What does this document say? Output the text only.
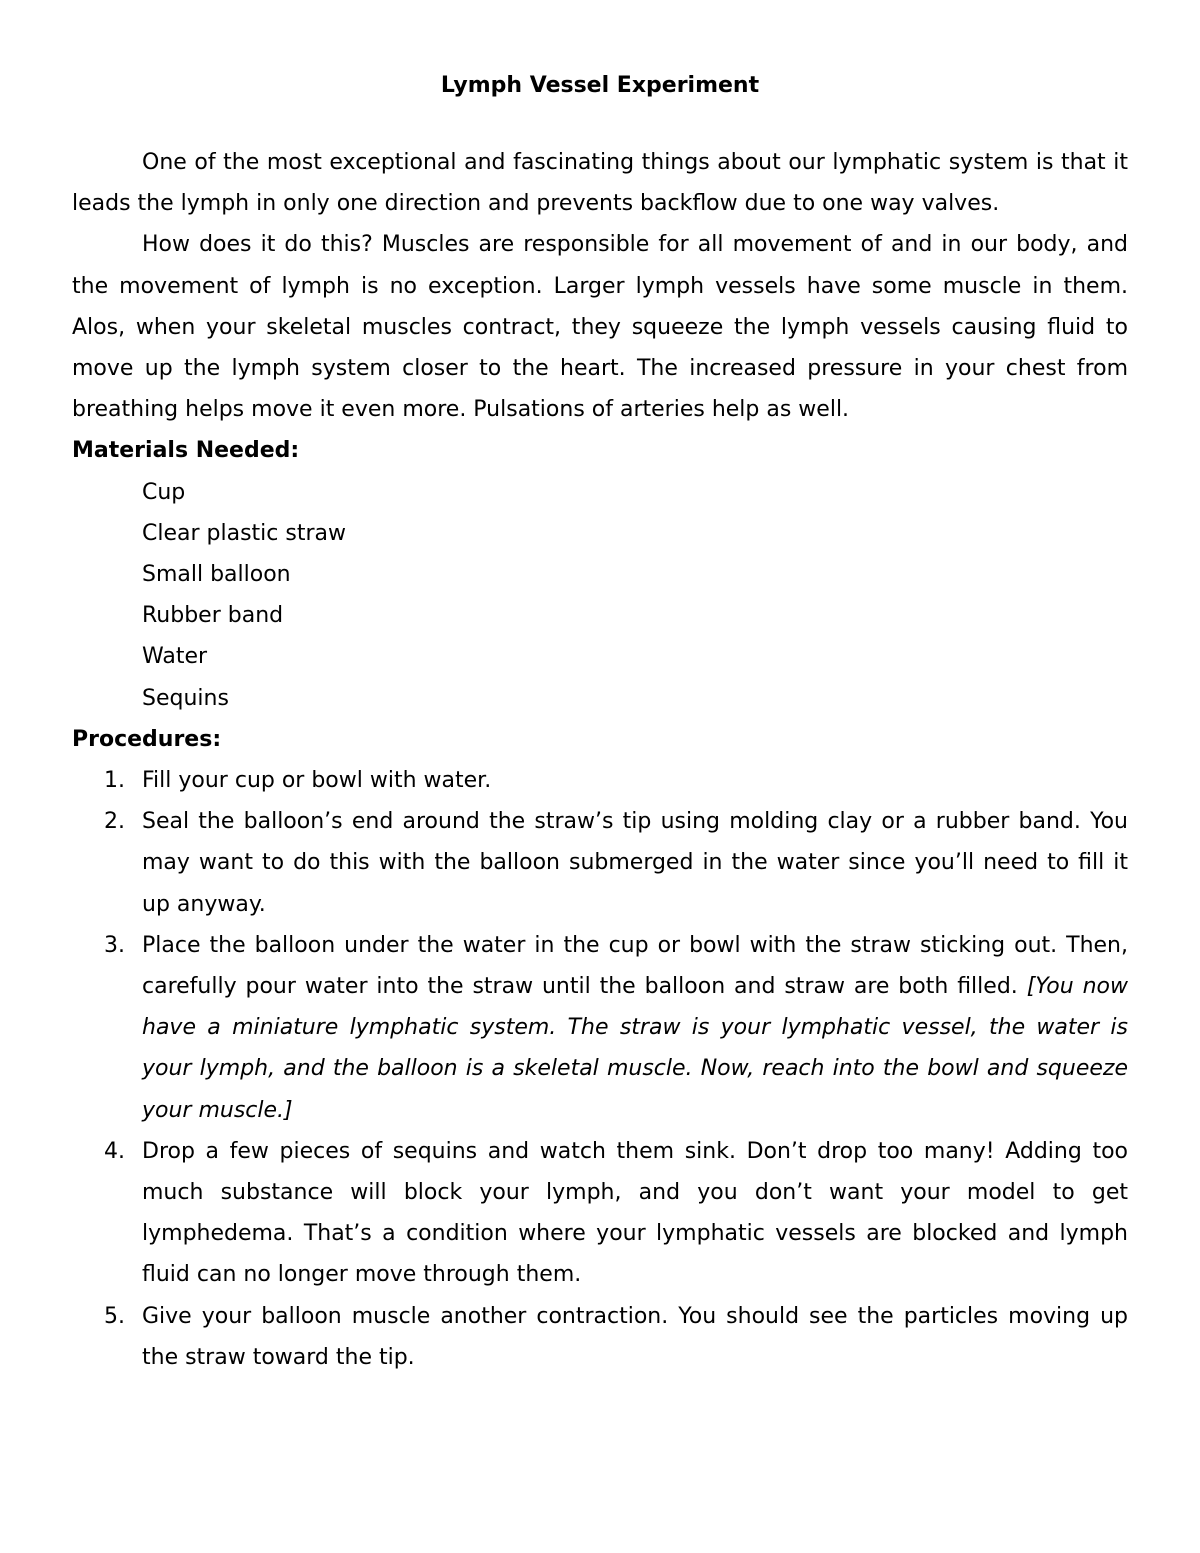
Lymph Vessel Experiment

One of the most exceptional and fascinating things about our lymphatic system is that it leads the lymph in only one direction and prevents backflow due to one way valves.

How does it do this? Muscles are responsible for all movement of and in our body, and the movement of lymph is no exception. Larger lymph vessels have some muscle in them. Alos, when your skeletal muscles contract, they squeeze the lymph vessels causing fluid to move up the lymph system closer to the heart. The increased pressure in your chest from breathing helps move it even more. Pulsations of arteries help as well.

Materials Needed:
Cup
Clear plastic straw
Small balloon
Rubber band
Water
Sequins
Procedures:
1. Fill your cup or bowl with water.
2. Seal the balloon’s end around the straw’s tip using molding clay or a rubber band. You may want to do this with the balloon submerged in the water since you’ll need to fill it up anyway.
3. Place the balloon under the water in the cup or bowl with the straw sticking out. Then, carefully pour water into the straw until the balloon and straw are both filled. [You now have a miniature lymphatic system. The straw is your lymphatic vessel, the water is your lymph, and the balloon is a skeletal muscle. Now, reach into the bowl and squeeze your muscle.]
4. Drop a few pieces of sequins and watch them sink. Don’t drop too many! Adding too much substance will block your lymph, and you don’t want your model to get lymphedema. That’s a condition where your lymphatic vessels are blocked and lymph fluid can no longer move through them.
5. Give your balloon muscle another contraction. You should see the particles moving up the straw toward the tip.
